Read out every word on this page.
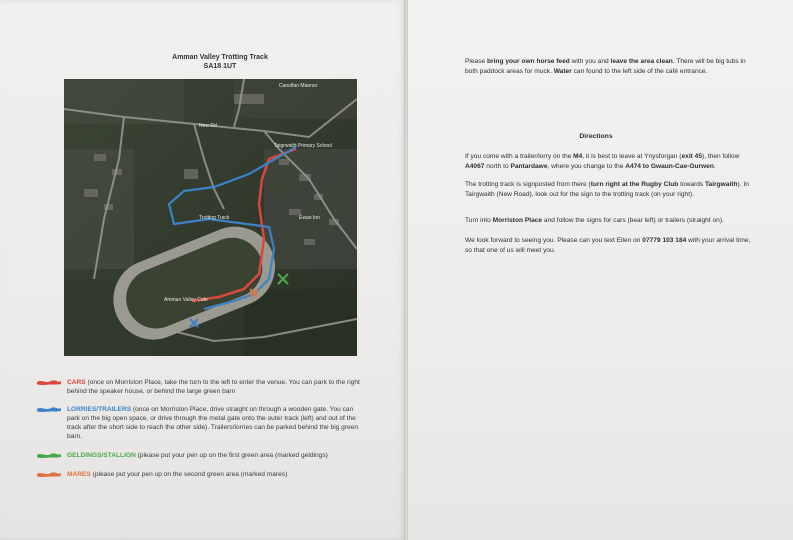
Amman Valley Trotting Track
SA18 1UT
Canolfan Maenor
Taigrwaith Primary School
Ewan Inn
New Rd
Trotting Track
Amman Valley Cafe
CARS (once on Morriston Place, take the turn to the left to enter the venue. You can park to the right behind the speaker house, or behind the large green barn
LORRIES/TRAILERS (once on Morriston Place, drive straight on through a wooden gate. You can park on the big open space, or drive through the metal gate onto the outer track (left) and out of the track after the short side to reach the other side). Trailers/lorries can be parked behind the big green barn.
GELDINGS/STALLION (please put your pen up on the first green area (marked geldings)
MARES (please put your pen up on the second green area (marked mares)
Please bring your own horse feed with you and leave the area clean. There will be big tubs in both paddock areas for muck. Water can found to the left side of the café entrance.
Directions
If you come with a trailer/lorry on the M4, it is best to leave at Ynysforgan (exit 45), then follow A4067 north to Pantardawe, where you change to the A474 to Gwaun-Cae-Gurwen.
The trotting track is signposted from there (turn right at the Rugby Club towards Tairgwaith). In Tairgwaith (New Road), look out for the sign to the trotting track (on your right).
Turn into Morriston Place and follow the signs for cars (bear left) or trailers (straight on).
We look forward to seeing you. Please can you text Ellen on 07779 103 184 with your arrival time, so that one of us will meet you.
